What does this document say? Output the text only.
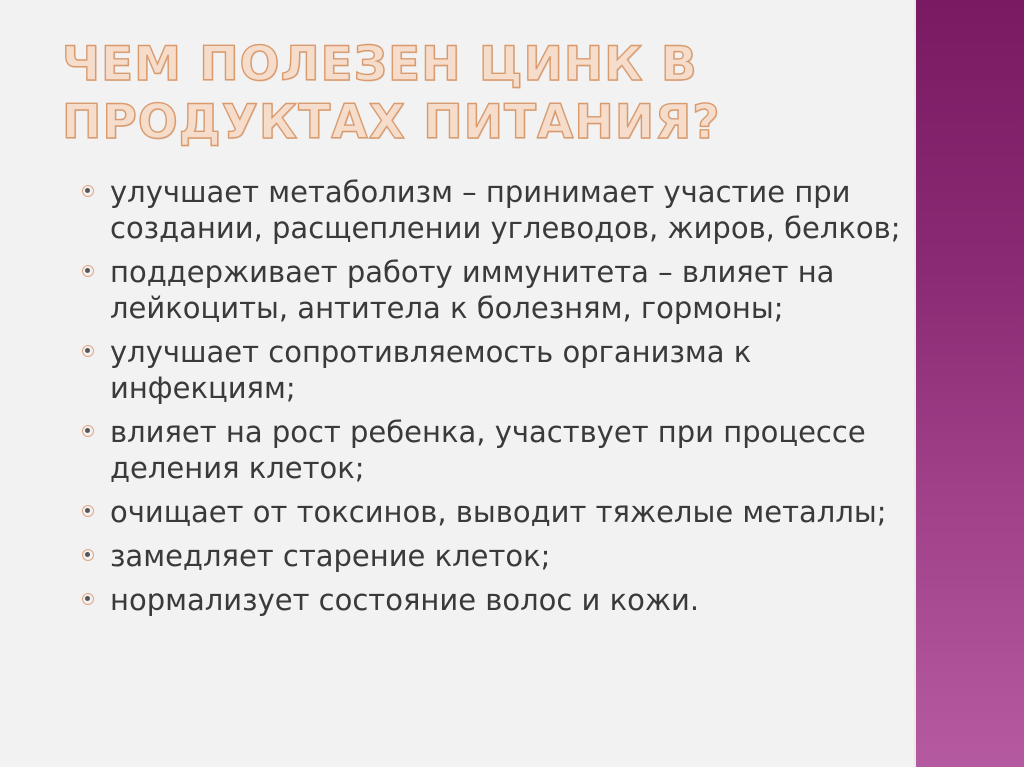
ЧЕМ ПОЛЕЗЕН ЦИНК В ПРОДУКТАХ ПИТАНИЯ?
улучшает метаболизм – принимает участие при создании, расщеплении углеводов, жиров, белков;
поддерживает работу иммунитета – влияет на лейкоциты, антитела к болезням, гормоны;
улучшает сопротивляемость организма к инфекциям;
влияет на рост ребенка, участвует при процессе деления клеток;
очищает от токсинов, выводит тяжелые металлы;
замедляет старение клеток;
нормализует состояние волос и кожи.
